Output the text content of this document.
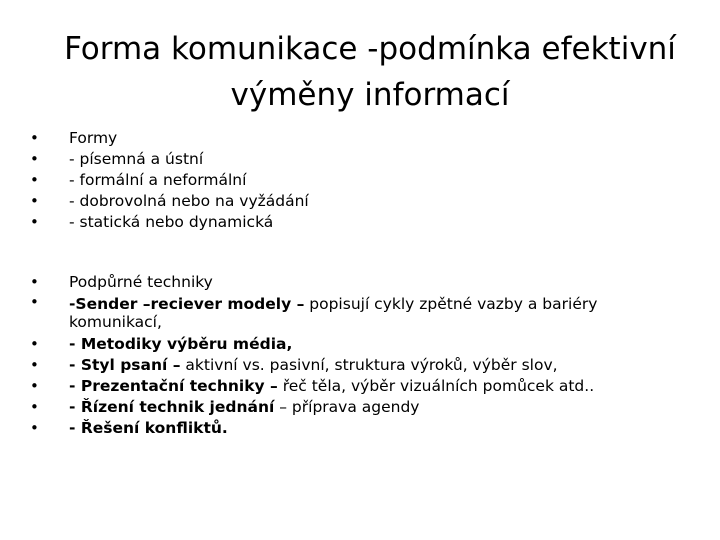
Forma komunikace -podmínka efektivní výměny informací
• Formy
• - písemná a ústní
• - formální a neformální
• - dobrovolná nebo na vyžádání
• - statická nebo dynamická
• Podpůrné techniky
• -Sender –reciever modely – popisují cykly zpětné vazby a bariéry komunikací,
• - Metodiky výběru média,
• - Styl psaní – aktivní vs. pasivní, struktura výroků, výběr slov,
• - Prezentační techniky – řeč těla, výběr vizuálních pomůcek atd..
• - Řízení technik jednání – příprava agendy
• - Řešení konfliktů.
